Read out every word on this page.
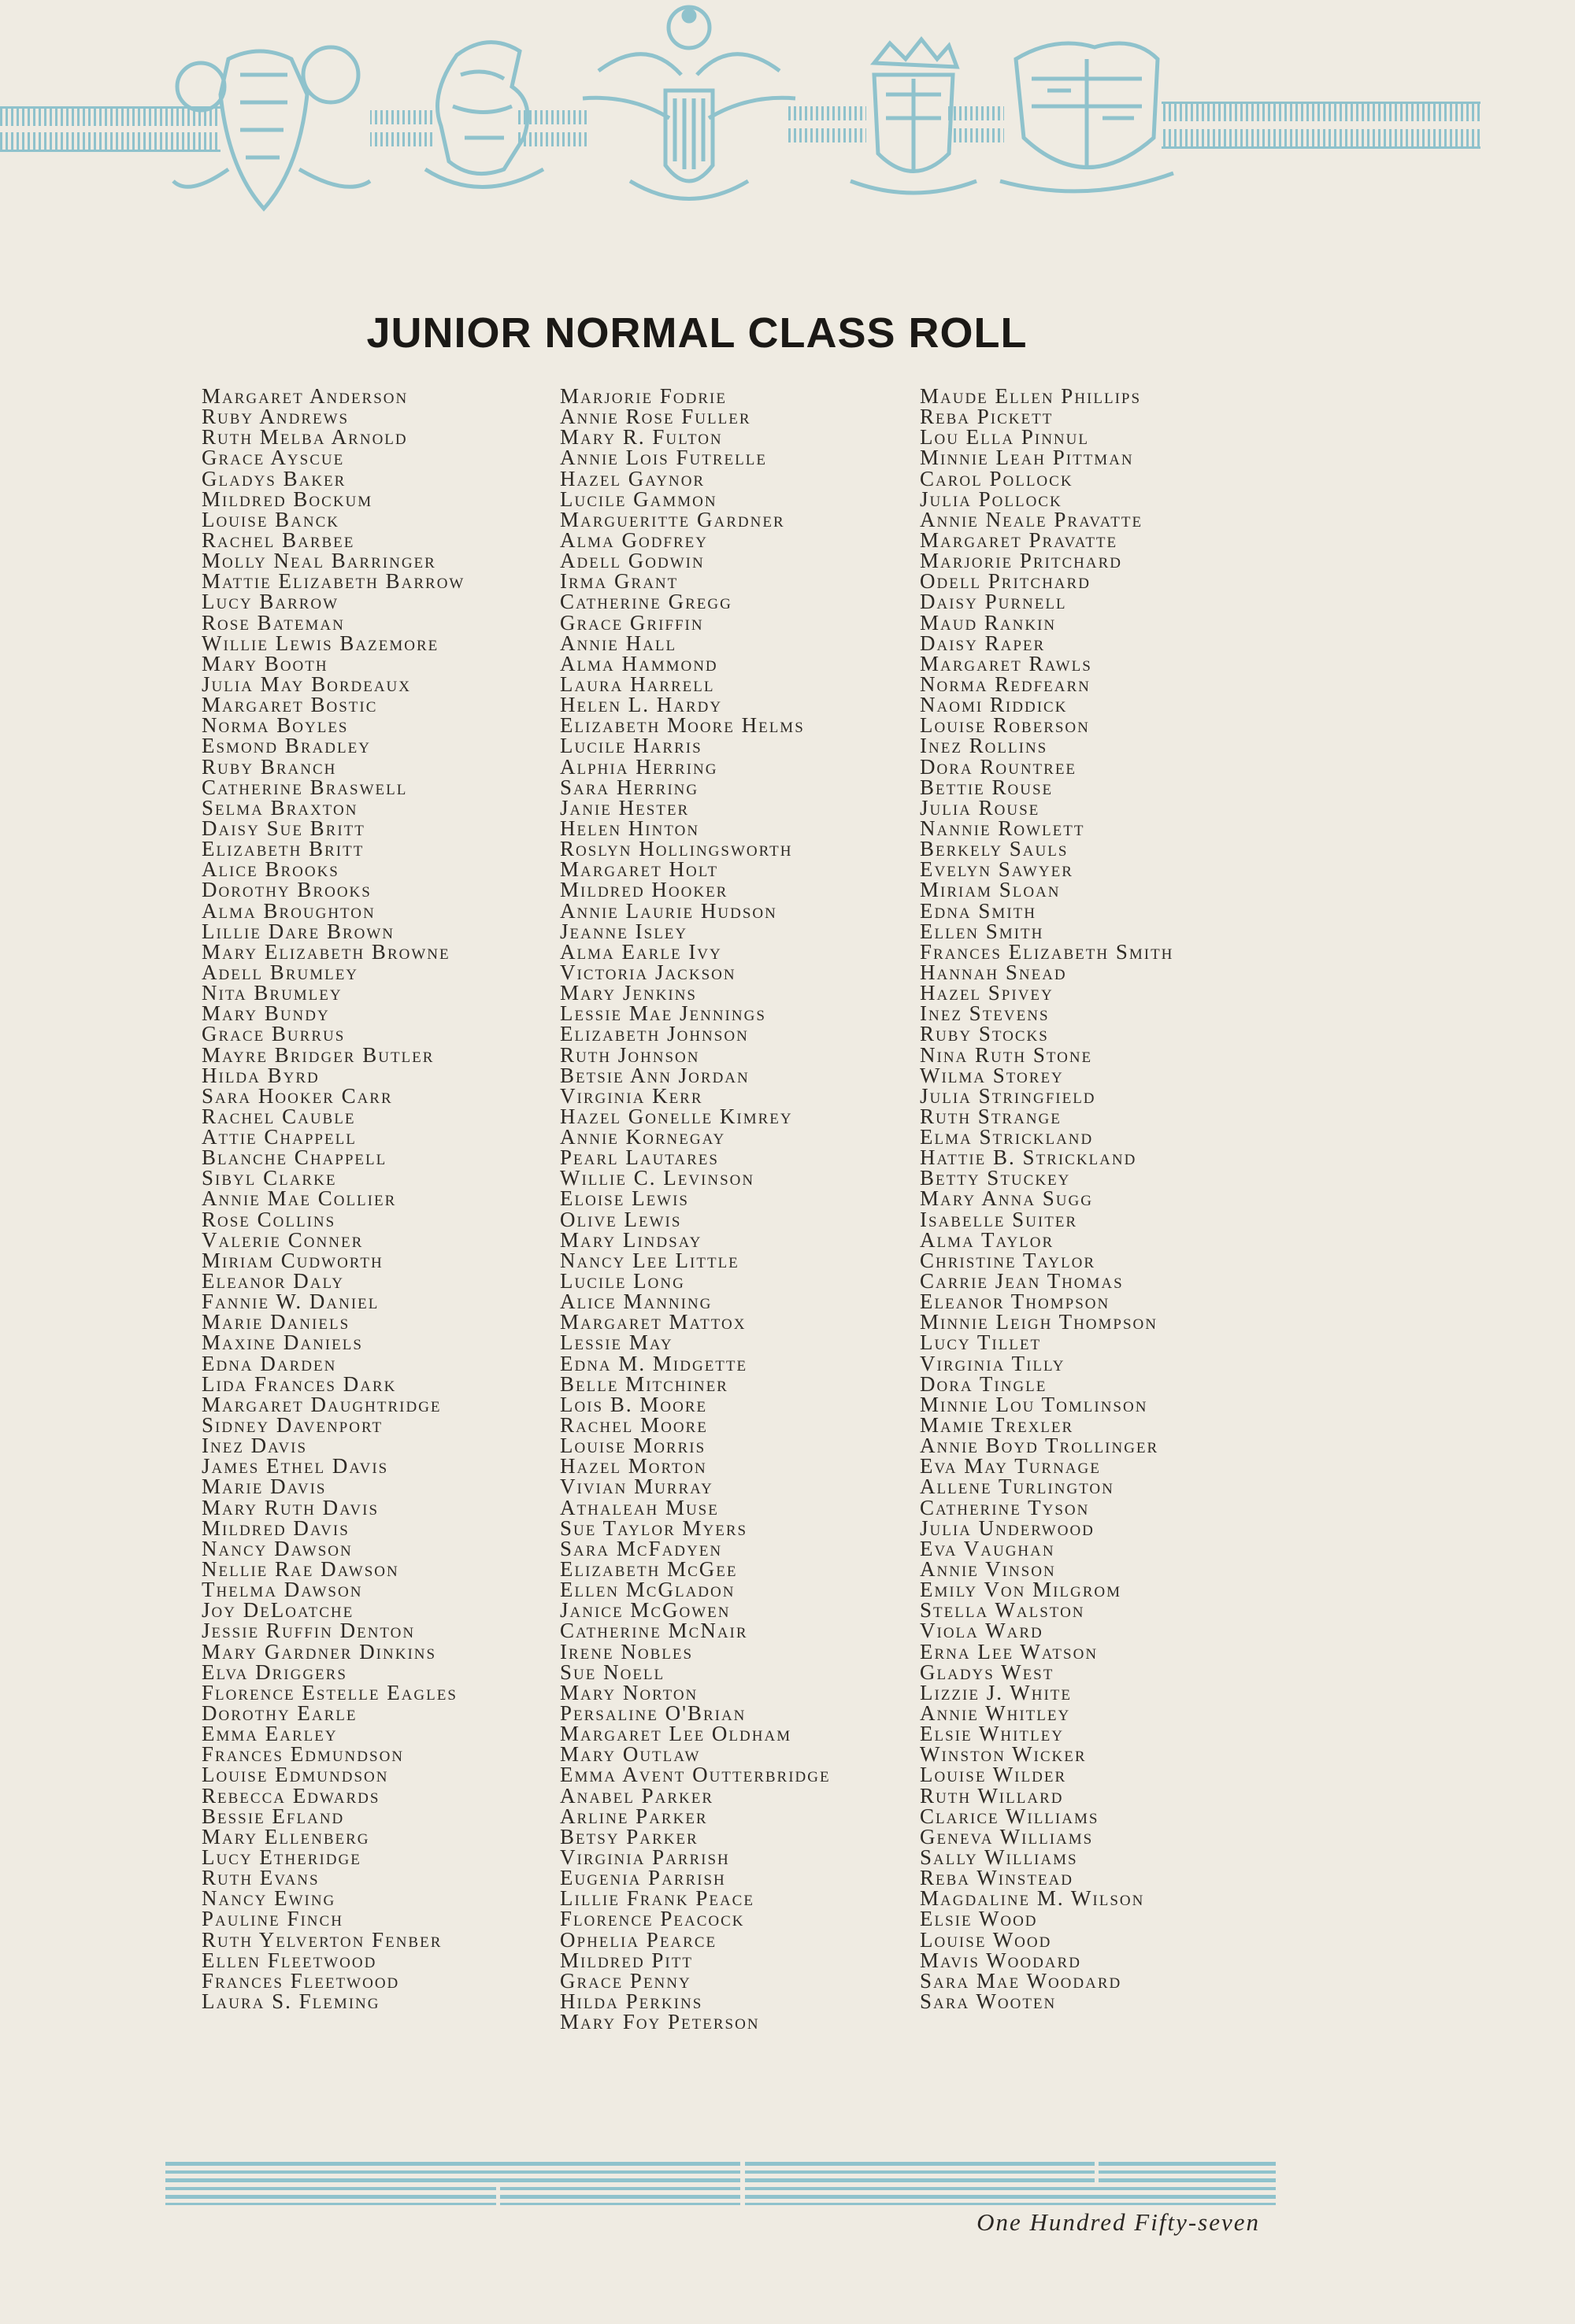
JUNIOR NORMAL CLASS ROLL
Margaret Anderson
Ruby Andrews
Ruth Melba Arnold
Grace Ayscue
Gladys Baker
Mildred Bockum
Louise Banck
Rachel Barbee
Molly Neal Barringer
Mattie Elizabeth Barrow
Lucy Barrow
Rose Bateman
Willie Lewis Bazemore
Mary Booth
Julia May Bordeaux
Margaret Bostic
Norma Boyles
Esmond Bradley
Ruby Branch
Catherine Braswell
Selma Braxton
Daisy Sue Britt
Elizabeth Britt
Alice Brooks
Dorothy Brooks
Alma Broughton
Lillie Dare Brown
Mary Elizabeth Browne
Adell Brumley
Nita Brumley
Mary Bundy
Grace Burrus
Mayre Bridger Butler
Hilda Byrd
Sara Hooker Carr
Rachel Cauble
Attie Chappell
Blanche Chappell
Sibyl Clarke
Annie Mae Collier
Rose Collins
Valerie Conner
Miriam Cudworth
Eleanor Daly
Fannie W. Daniel
Marie Daniels
Maxine Daniels
Edna Darden
Lida Frances Dark
Margaret Daughtridge
Sidney Davenport
Inez Davis
James Ethel Davis
Marie Davis
Mary Ruth Davis
Mildred Davis
Nancy Dawson
Nellie Rae Dawson
Thelma Dawson
Joy DeLoatche
Jessie Ruffin Denton
Mary Gardner Dinkins
Elva Driggers
Florence Estelle Eagles
Dorothy Earle
Emma Earley
Frances Edmundson
Louise Edmundson
Rebecca Edwards
Bessie Efland
Mary Ellenberg
Lucy Etheridge
Ruth Evans
Nancy Ewing
Pauline Finch
Ruth Yelverton Fenber
Ellen Fleetwood
Frances Fleetwood
Laura S. Fleming
Marjorie Fodrie
Annie Rose Fuller
Mary R. Fulton
Annie Lois Futrelle
Hazel Gaynor
Lucile Gammon
Margueritte Gardner
Alma Godfrey
Adell Godwin
Irma Grant
Catherine Gregg
Grace Griffin
Annie Hall
Alma Hammond
Laura Harrell
Helen L. Hardy
Elizabeth Moore Helms
Lucile Harris
Alphia Herring
Sara Herring
Janie Hester
Helen Hinton
Roslyn Hollingsworth
Margaret Holt
Mildred Hooker
Annie Laurie Hudson
Jeanne Isley
Alma Earle Ivy
Victoria Jackson
Mary Jenkins
Lessie Mae Jennings
Elizabeth Johnson
Ruth Johnson
Betsie Ann Jordan
Virginia Kerr
Hazel Gonelle Kimrey
Annie Kornegay
Pearl Lautares
Willie C. Levinson
Eloise Lewis
Olive Lewis
Mary Lindsay
Nancy Lee Little
Lucile Long
Alice Manning
Margaret Mattox
Lessie May
Edna M. Midgette
Belle Mitchiner
Lois B. Moore
Rachel Moore
Louise Morris
Hazel Morton
Vivian Murray
Athaleah Muse
Sue Taylor Myers
Sara McFadyen
Elizabeth McGee
Ellen McGladon
Janice McGowen
Catherine McNair
Irene Nobles
Sue Noell
Mary Norton
Persaline O'Brian
Margaret Lee Oldham
Mary Outlaw
Emma Avent Outterbridge
Anabel Parker
Arline Parker
Betsy Parker
Virginia Parrish
Eugenia Parrish
Lillie Frank Peace
Florence Peacock
Ophelia Pearce
Mildred Pitt
Grace Penny
Hilda Perkins
Mary Foy Peterson
Maude Ellen Phillips
Reba Pickett
Lou Ella Pinnul
Minnie Leah Pittman
Carol Pollock
Julia Pollock
Annie Neale Pravatte
Margaret Pravatte
Marjorie Pritchard
Odell Pritchard
Daisy Purnell
Maud Rankin
Daisy Raper
Margaret Rawls
Norma Redfearn
Naomi Riddick
Louise Roberson
Inez Rollins
Dora Rountree
Bettie Rouse
Julia Rouse
Nannie Rowlett
Berkely Sauls
Evelyn Sawyer
Miriam Sloan
Edna Smith
Ellen Smith
Frances Elizabeth Smith
Hannah Snead
Hazel Spivey
Inez Stevens
Ruby Stocks
Nina Ruth Stone
Wilma Storey
Julia Stringfield
Ruth Strange
Elma Strickland
Hattie B. Strickland
Betty Stuckey
Mary Anna Sugg
Isabelle Suiter
Alma Taylor
Christine Taylor
Carrie Jean Thomas
Eleanor Thompson
Minnie Leigh Thompson
Lucy Tillet
Virginia Tilly
Dora Tingle
Minnie Lou Tomlinson
Mamie Trexler
Annie Boyd Trollinger
Eva May Turnage
Allene Turlington
Catherine Tyson
Julia Underwood
Eva Vaughan
Annie Vinson
Emily Von Milgrom
Stella Walston
Viola Ward
Erna Lee Watson
Gladys West
Lizzie J. White
Annie Whitley
Elsie Whitley
Winston Wicker
Louise Wilder
Ruth Willard
Clarice Williams
Geneva Williams
Sally Williams
Reba Winstead
Magdaline M. Wilson
Elsie Wood
Louise Wood
Mavis Woodard
Sara Mae Woodard
Sara Wooten
One Hundred Fifty-seven
